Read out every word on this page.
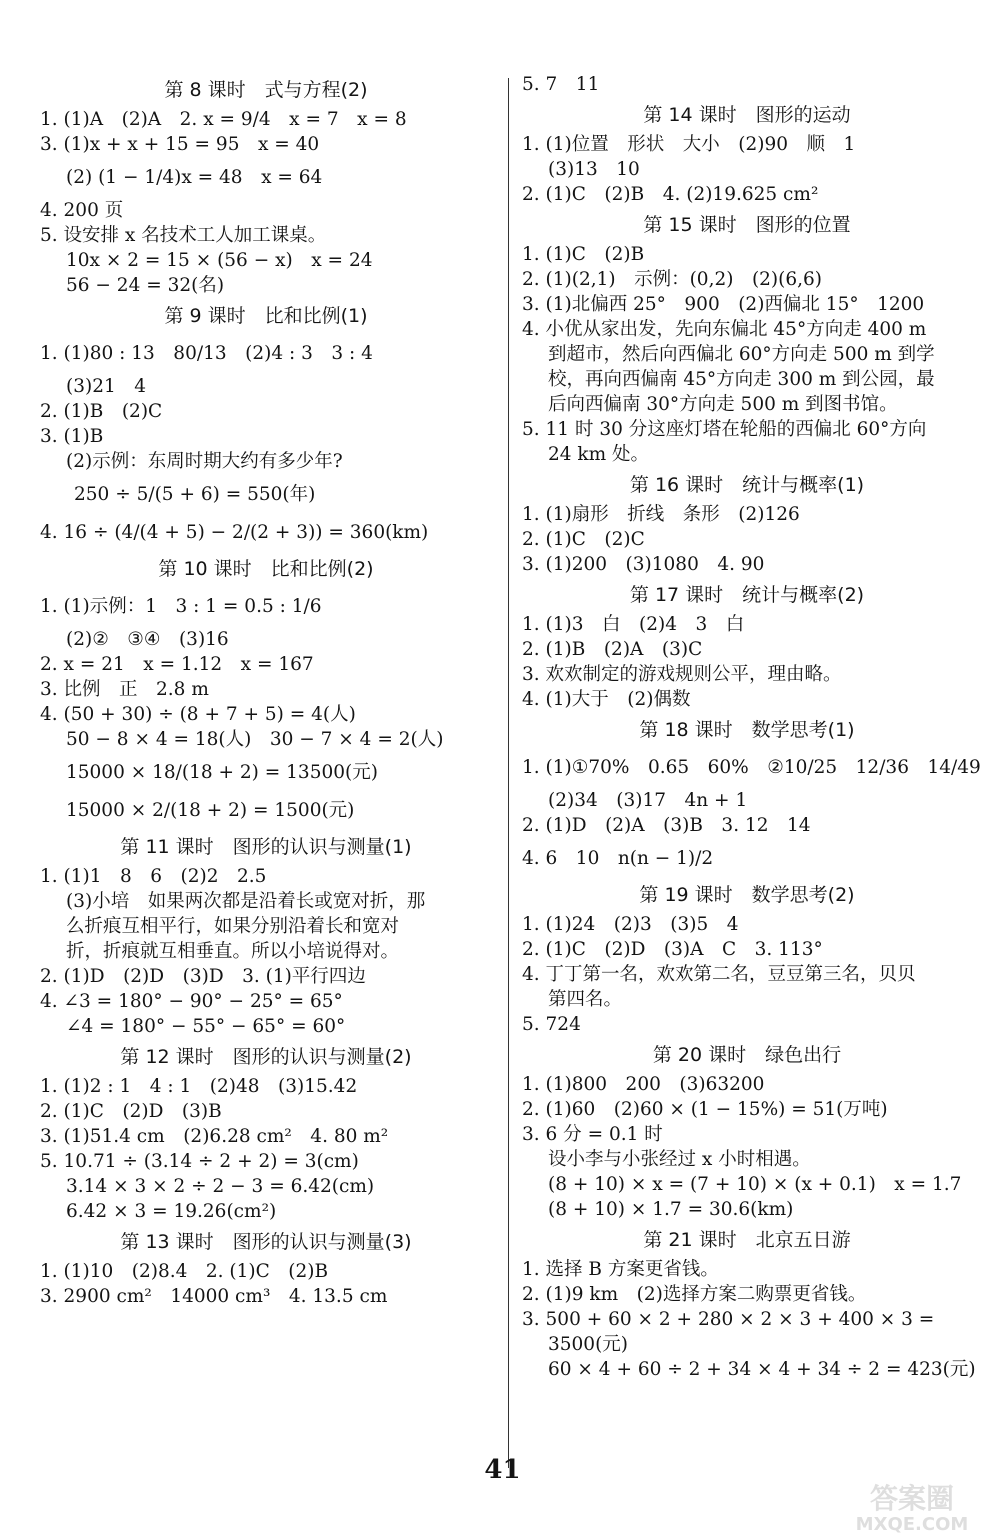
第 8 课时　式与方程(2)
1. (1)A　(2)A　2. x = 9/4　x = 7　x = 8
3. (1)x + x + 15 = 95　x = 40
(2) (1 − 1/4)x = 48　x = 64
4. 200 页
5. 设安排 x 名技术工人加工课桌。
10x × 2 = 15 × (56 − x)　x = 24
56 − 24 = 32(名)
第 9 课时　比和比例(1)
1. (1)80 : 13　80/13　(2)4 : 3　3 : 4
(3)21　4
2. (1)B　(2)C
3. (1)B
(2)示例：东周时期大约有多少年?
250 ÷ 5/(5 + 6) = 550(年)
4. 16 ÷ (4/(4 + 5) − 2/(2 + 3)) = 360(km)
第 10 课时　比和比例(2)
1. (1)示例：1　3 : 1 = 0.5 : 1/6
(2)②　③④　(3)16
2. x = 21　x = 1.12　x = 167
3. 比例　正　2.8 m
4. (50 + 30) ÷ (8 + 7 + 5) = 4(人)
50 − 8 × 4 = 18(人)　30 − 7 × 4 = 2(人)
15000 × 18/(18 + 2) = 13500(元)
15000 × 2/(18 + 2) = 1500(元)
第 11 课时　图形的认识与测量(1)
1. (1)1　8　6　(2)2　2.5
(3)小培　如果两次都是沿着长或宽对折，那
么折痕互相平行，如果分别沿着长和宽对
折，折痕就互相垂直。所以小培说得对。
2. (1)D　(2)D　(3)D　3. (1)平行四边
4. ∠3 = 180° − 90° − 25° = 65°
∠4 = 180° − 55° − 65° = 60°
第 12 课时　图形的认识与测量(2)
1. (1)2 : 1　4 : 1　(2)48　(3)15.42
2. (1)C　(2)D　(3)B
3. (1)51.4 cm　(2)6.28 cm²　4. 80 m²
5. 10.71 ÷ (3.14 ÷ 2 + 2) = 3(cm)
3.14 × 3 × 2 ÷ 2 − 3 = 6.42(cm)
6.42 × 3 = 19.26(cm²)
第 13 课时　图形的认识与测量(3)
1. (1)10　(2)8.4　2. (1)C　(2)B
3. 2900 cm²　14000 cm³　4. 13.5 cm
5. 7　11
第 14 课时　图形的运动
1. (1)位置　形状　大小　(2)90　顺　1
(3)13　10
2. (1)C　(2)B　4. (2)19.625 cm²
第 15 课时　图形的位置
1. (1)C　(2)B
2. (1)(2,1)　示例：(0,2)　(2)(6,6)
3. (1)北偏西 25°　900　(2)西偏北 15°　1200
4. 小优从家出发，先向东偏北 45°方向走 400 m
到超市，然后向西偏北 60°方向走 500 m 到学
校，再向西偏南 45°方向走 300 m 到公园，最
后向西偏南 30°方向走 500 m 到图书馆。
5. 11 时 30 分这座灯塔在轮船的西偏北 60°方向
24 km 处。
第 16 课时　统计与概率(1)
1. (1)扇形　折线　条形　(2)126
2. (1)C　(2)C
3. (1)200　(3)1080　4. 90
第 17 课时　统计与概率(2)
1. (1)3　白　(2)4　3　白
2. (1)B　(2)A　(3)C
3. 欢欢制定的游戏规则公平，理由略。
4. (1)大于　(2)偶数
第 18 课时　数学思考(1)
1. (1)①70%　0.65　60%　②10/25　12/36　14/49
(2)34　(3)17　4n + 1
2. (1)D　(2)A　(3)B　3. 12　14
4. 6　10　n(n − 1)/2
第 19 课时　数学思考(2)
1. (1)24　(2)3　(3)5　4
2. (1)C　(2)D　(3)A　C　3. 113°
4. 丁丁第一名，欢欢第二名，豆豆第三名，贝贝
第四名。
5. 724
第 20 课时　绿色出行
1. (1)800　200　(3)63200
2. (1)60　(2)60 × (1 − 15%) = 51(万吨)
3. 6 分 = 0.1 时
设小李与小张经过 x 小时相遇。
(8 + 10) × x = (7 + 10) × (x + 0.1)　x = 1.7
(8 + 10) × 1.7 = 30.6(km)
第 21 课时　北京五日游
1. 选择 B 方案更省钱。
2. (1)9 km　(2)选择方案二购票更省钱。
3. 500 + 60 × 2 + 280 × 2 × 3 + 400 × 3 =
3500(元)
60 × 4 + 60 ÷ 2 + 34 × 4 + 34 ÷ 2 = 423(元)
41
答案圈
MXQE.COM
